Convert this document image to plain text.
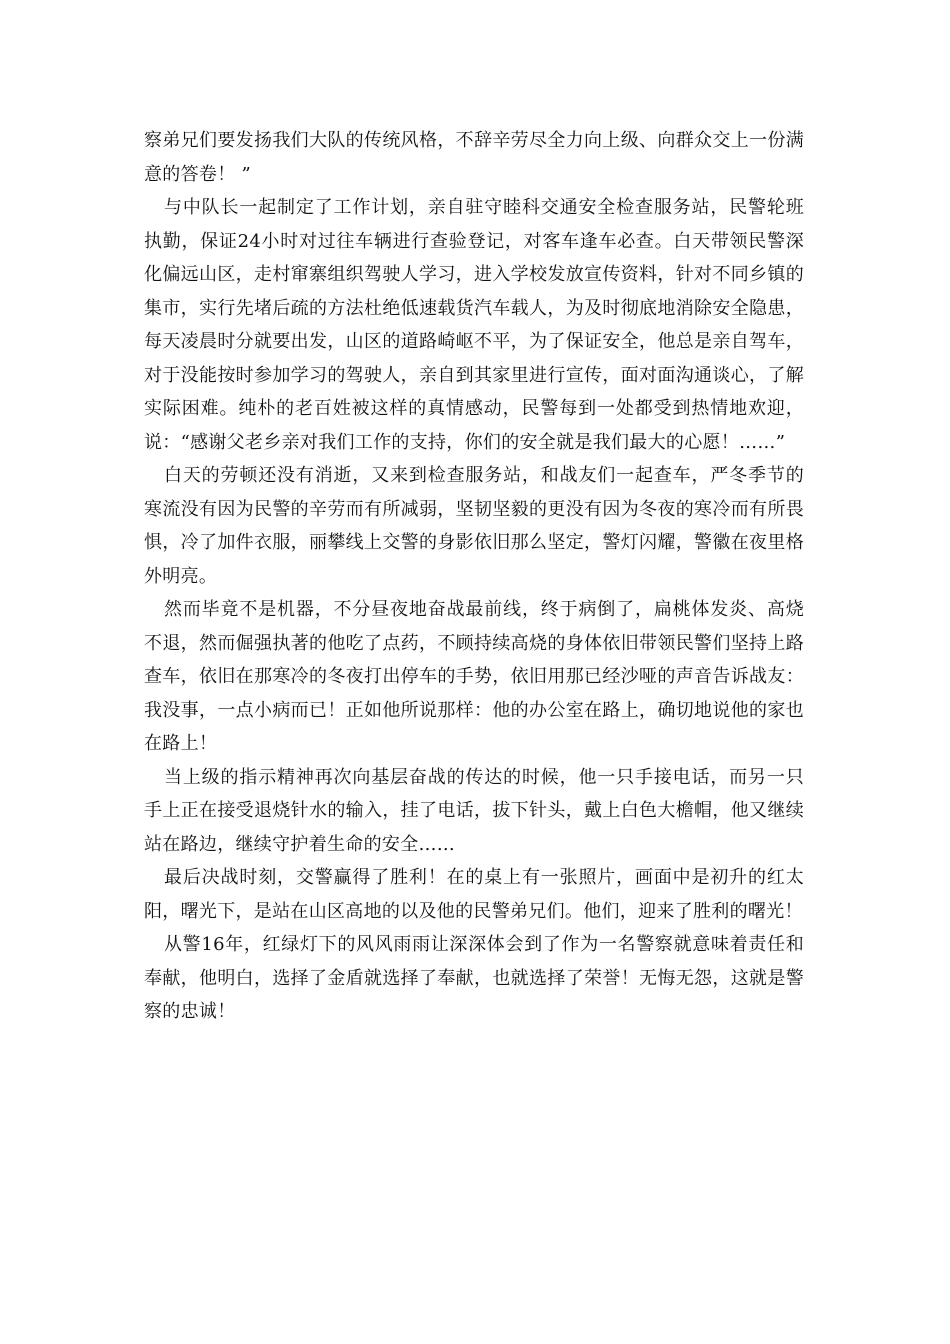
察弟兄们要发扬我们大队的传统风格，不辞辛劳尽全力向上级、向群众交上一份满意的答卷！ ”

与中队长一起制定了工作计划，亲自驻守睦科交通安全检查服务站，民警轮班执勤，保证24小时对过往车辆进行查验登记，对客车逢车必查。白天带领民警深化偏远山区，走村窜寨组织驾驶人学习，进入学校发放宣传资料，针对不同乡镇的集市，实行先堵后疏的方法杜绝低速载货汽车载人，为及时彻底地消除安全隐患，每天凌晨时分就要出发，山区的道路崎岖不平，为了保证安全，他总是亲自驾车，对于没能按时参加学习的驾驶人，亲自到其家里进行宣传，面对面沟通谈心，了解实际困难。纯朴的老百姓被这样的真情感动，民警每到一处都受到热情地欢迎，说：“感谢父老乡亲对我们工作的支持，你们的安全就是我们最大的心愿！……”

白天的劳顿还没有消逝，又来到检查服务站，和战友们一起查车，严冬季节的寒流没有因为民警的辛劳而有所减弱，坚韧坚毅的更没有因为冬夜的寒冷而有所畏惧，冷了加件衣服，丽攀线上交警的身影依旧那么坚定，警灯闪耀，警徽在夜里格外明亮。

然而毕竟不是机器，不分昼夜地奋战最前线，终于病倒了，扁桃体发炎、高烧不退，然而倔强执著的他吃了点药，不顾持续高烧的身体依旧带领民警们坚持上路查车，依旧在那寒冷的冬夜打出停车的手势，依旧用那已经沙哑的声音告诉战友：我没事，一点小病而已！正如他所说那样：他的办公室在路上，确切地说他的家也在路上！

当上级的指示精神再次向基层奋战的传达的时候，他一只手接电话，而另一只手上正在接受退烧针水的输入，挂了电话，拔下针头，戴上白色大檐帽，他又继续站在路边，继续守护着生命的安全……

最后决战时刻，交警赢得了胜利！在的桌上有一张照片，画面中是初升的红太阳，曙光下，是站在山区高地的以及他的民警弟兄们。他们，迎来了胜利的曙光！

从警16年，红绿灯下的风风雨雨让深深体会到了作为一名警察就意味着责任和奉献，他明白，选择了金盾就选择了奉献，也就选择了荣誉！无悔无怨，这就是警察的忠诚！
